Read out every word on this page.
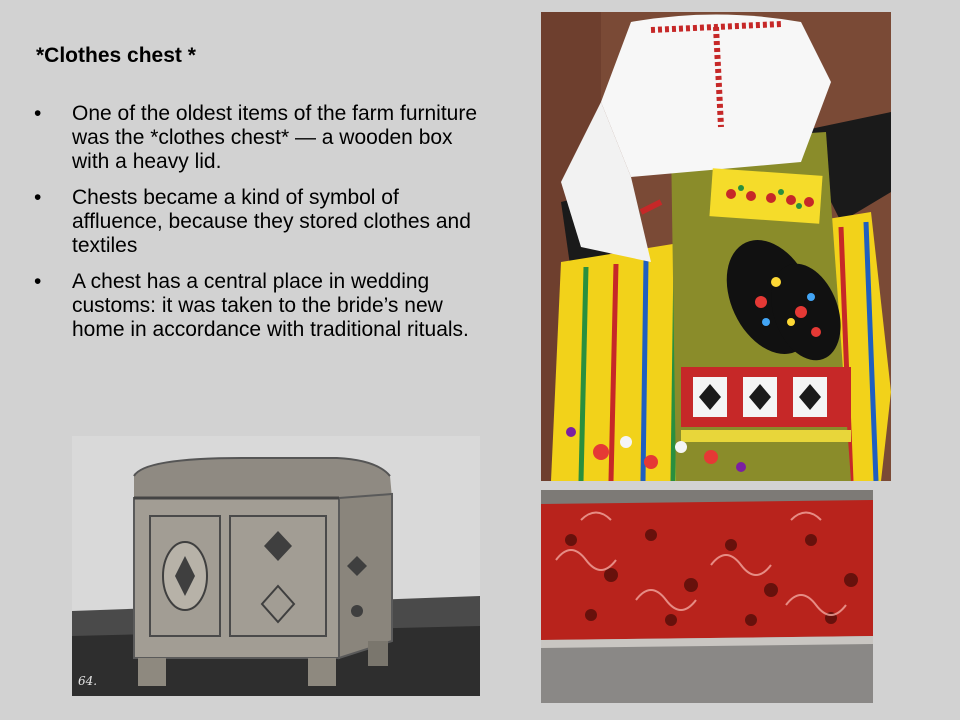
*Clothes chest *
• One of the oldest items of the farm furniture was the *clothes chest* — a wooden box with a heavy lid.
• Chests became a kind of symbol of affluence, because they stored clothes and textiles
• A chest has a central place in wedding customs: it was taken to the bride’s new home in accordance with traditional rituals.
64.
